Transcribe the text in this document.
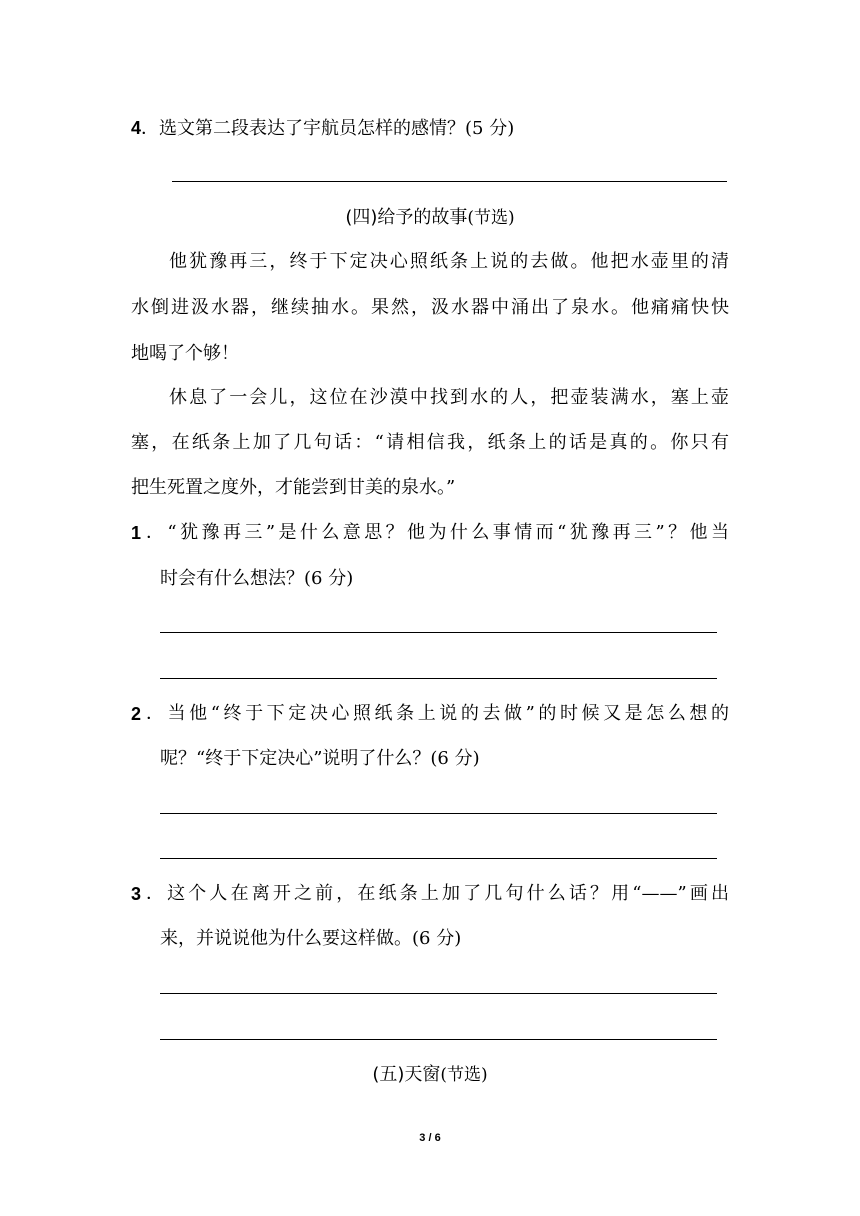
4．选文第二段表达了宇航员怎样的感情？(5 分)
(四)给予的故事(节选)
他犹豫再三，终于下定决心照纸条上说的去做。他把水壶里的清
水倒进汲水器，继续抽水。果然，汲水器中涌出了泉水。他痛痛快快
地喝了个够！
休息了一会儿，这位在沙漠中找到水的人，把壶装满水，塞上壶
塞，在纸条上加了几句话：“请相信我，纸条上的话是真的。你只有
把生死置之度外，才能尝到甘美的泉水。”
1 ．“犹豫再三”是什么意思？他为什么事情而“犹豫再三”？他当
时会有什么想法？(6 分)
2 ．当他“终于下定决心照纸条上说的去做”的时候又是怎么想的
呢？“终于下定决心”说明了什么？(6 分)
3 ．这个人在离开之前，在纸条上加了几句什么话？用“——”画出
来，并说说他为什么要这样做。(6 分)
(五)天窗(节选)
3 / 6
